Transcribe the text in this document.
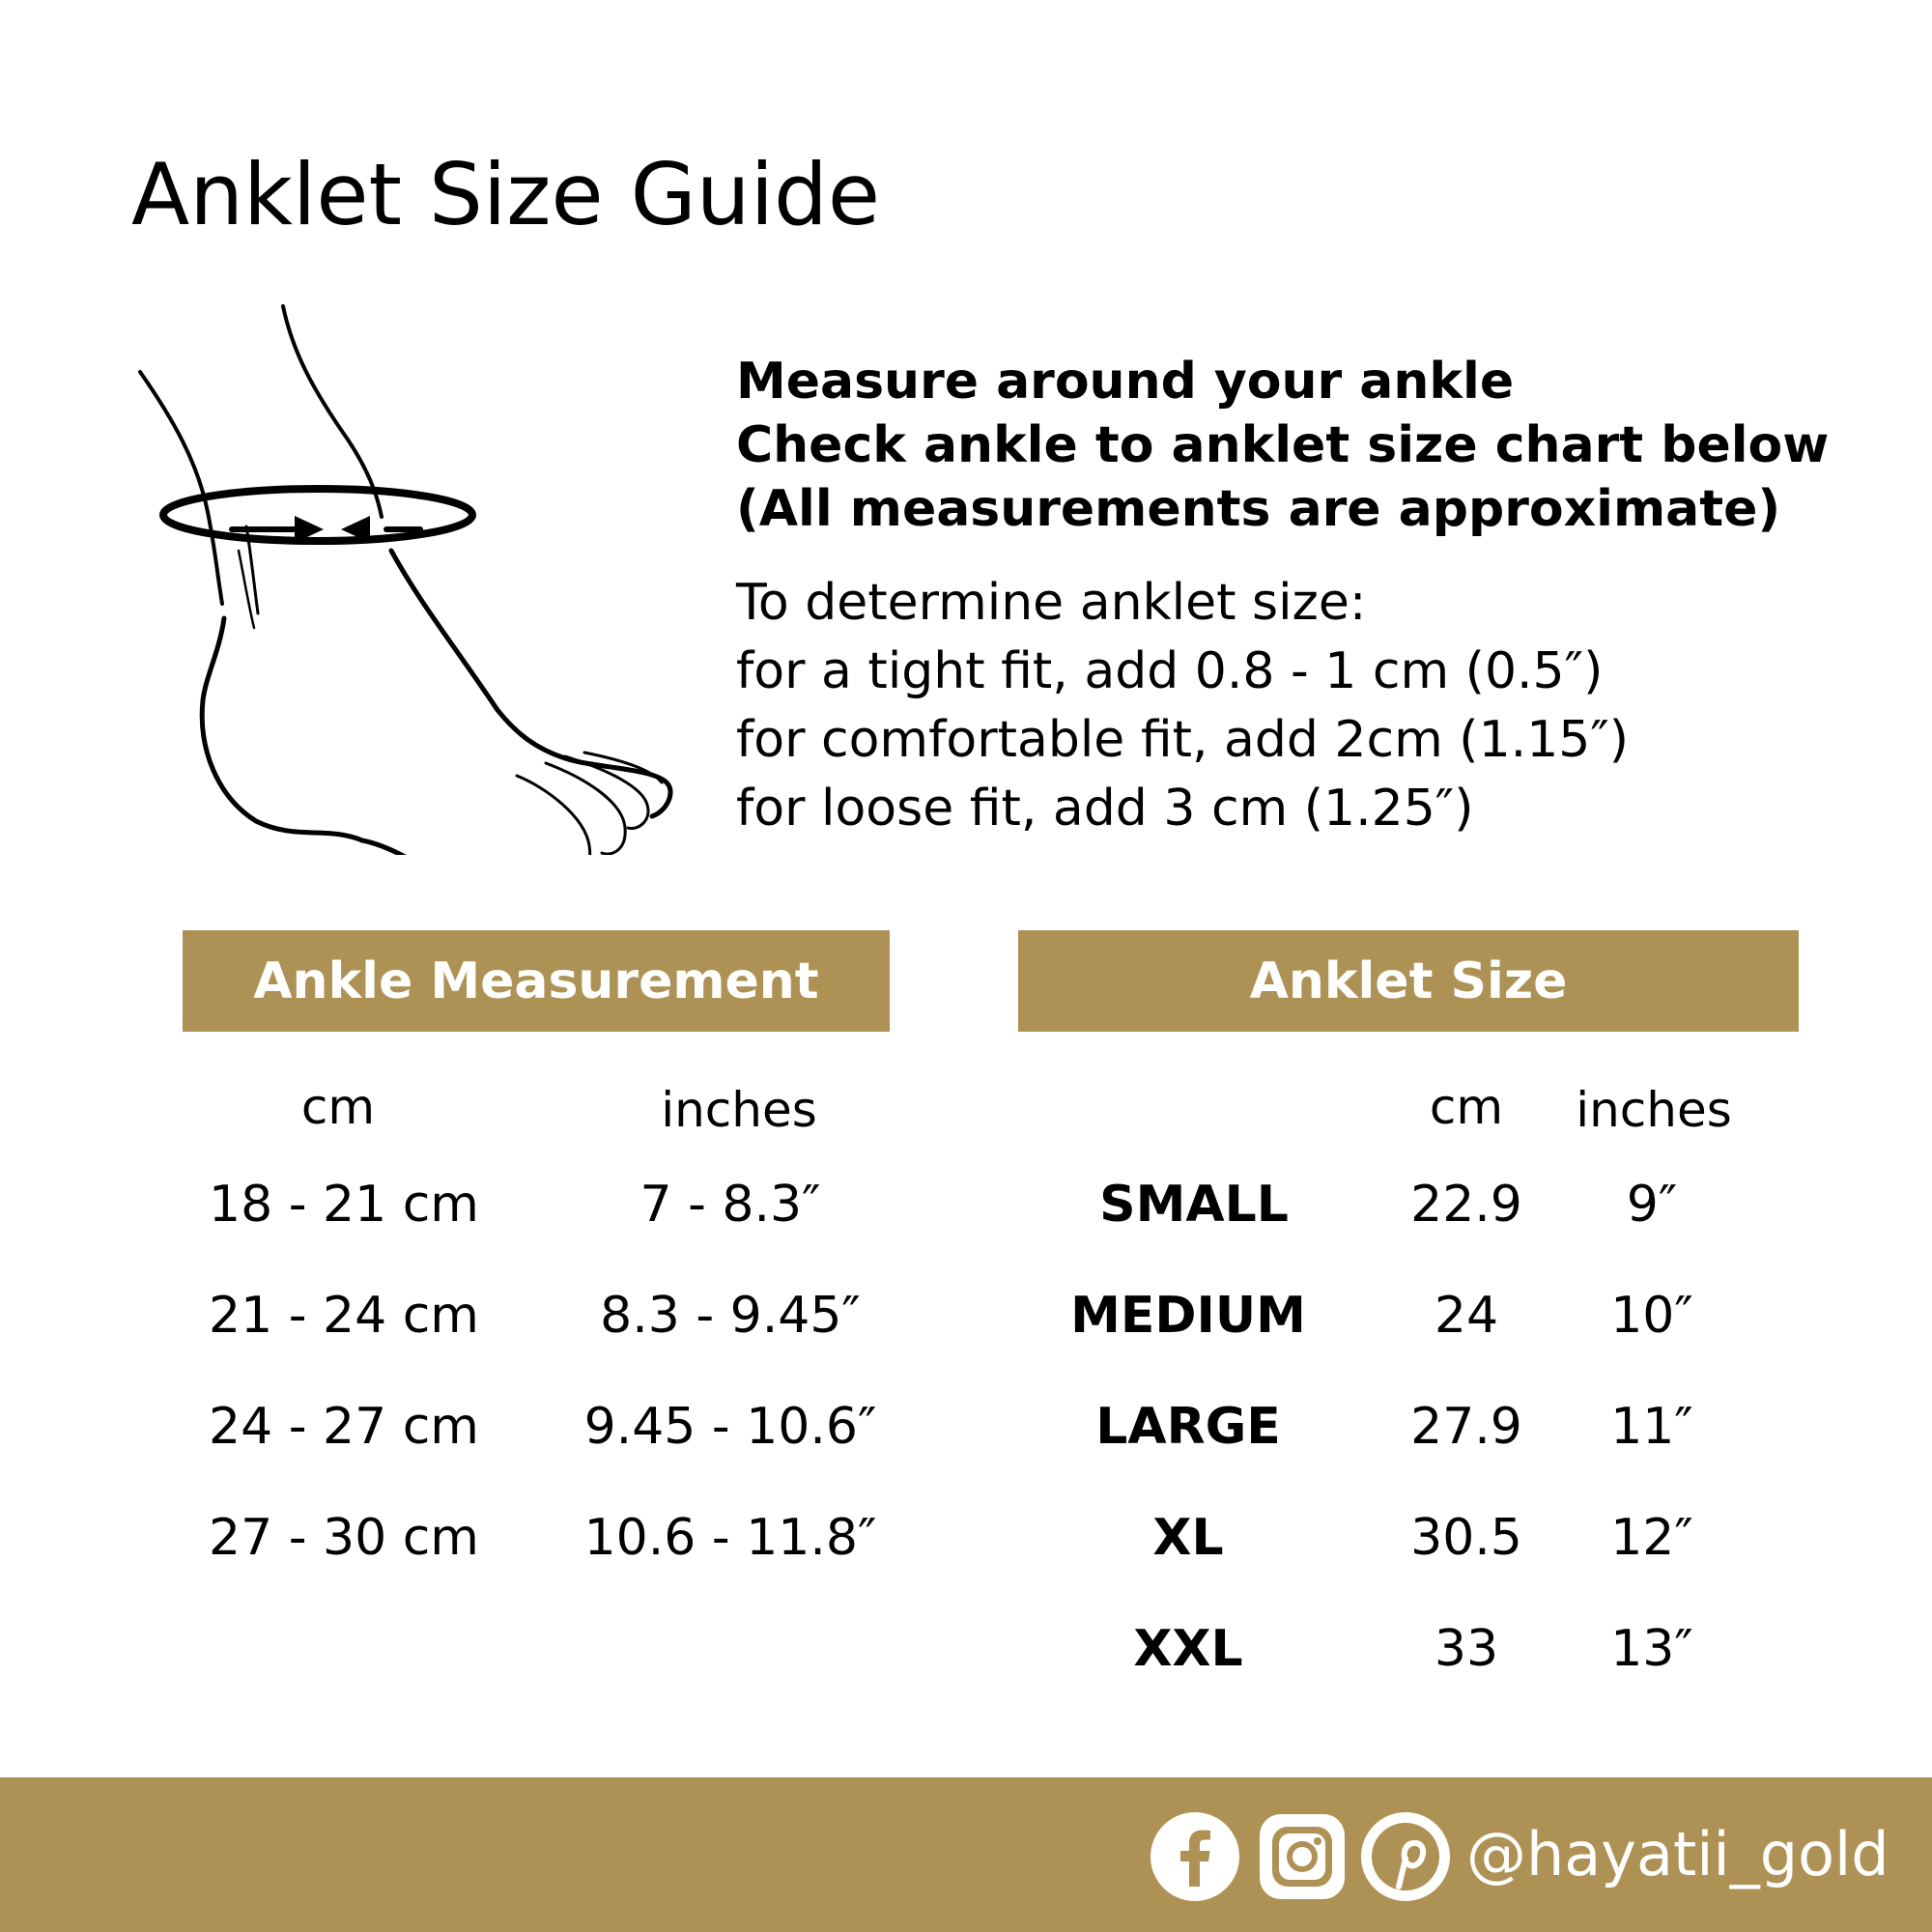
Anklet Size Guide
Measure around your ankle
Check ankle to anklet size chart below
(All measurements are approximate)
To determine anklet size:
for a tight fit, add 0.8 - 1 cm (0.5″)
for comfortable fit, add 2cm (1.15″)
for loose fit, add 3 cm (1.25″)
Ankle Measurement	Anklet Size
cm	inches
18 - 21 cm	7 - 8.3″
21 - 24 cm 8.3 - 9.45″
24 - 27 cm 9.45 - 10.6″
27 - 30 cm 10.6 - 11.8″
cm inches
SMALL 22.9 9″
MEDIUM	24 10″
LARGE	27.9 11″
XL	30.5 12″
XXL	33 13″
@hayatii_gold
